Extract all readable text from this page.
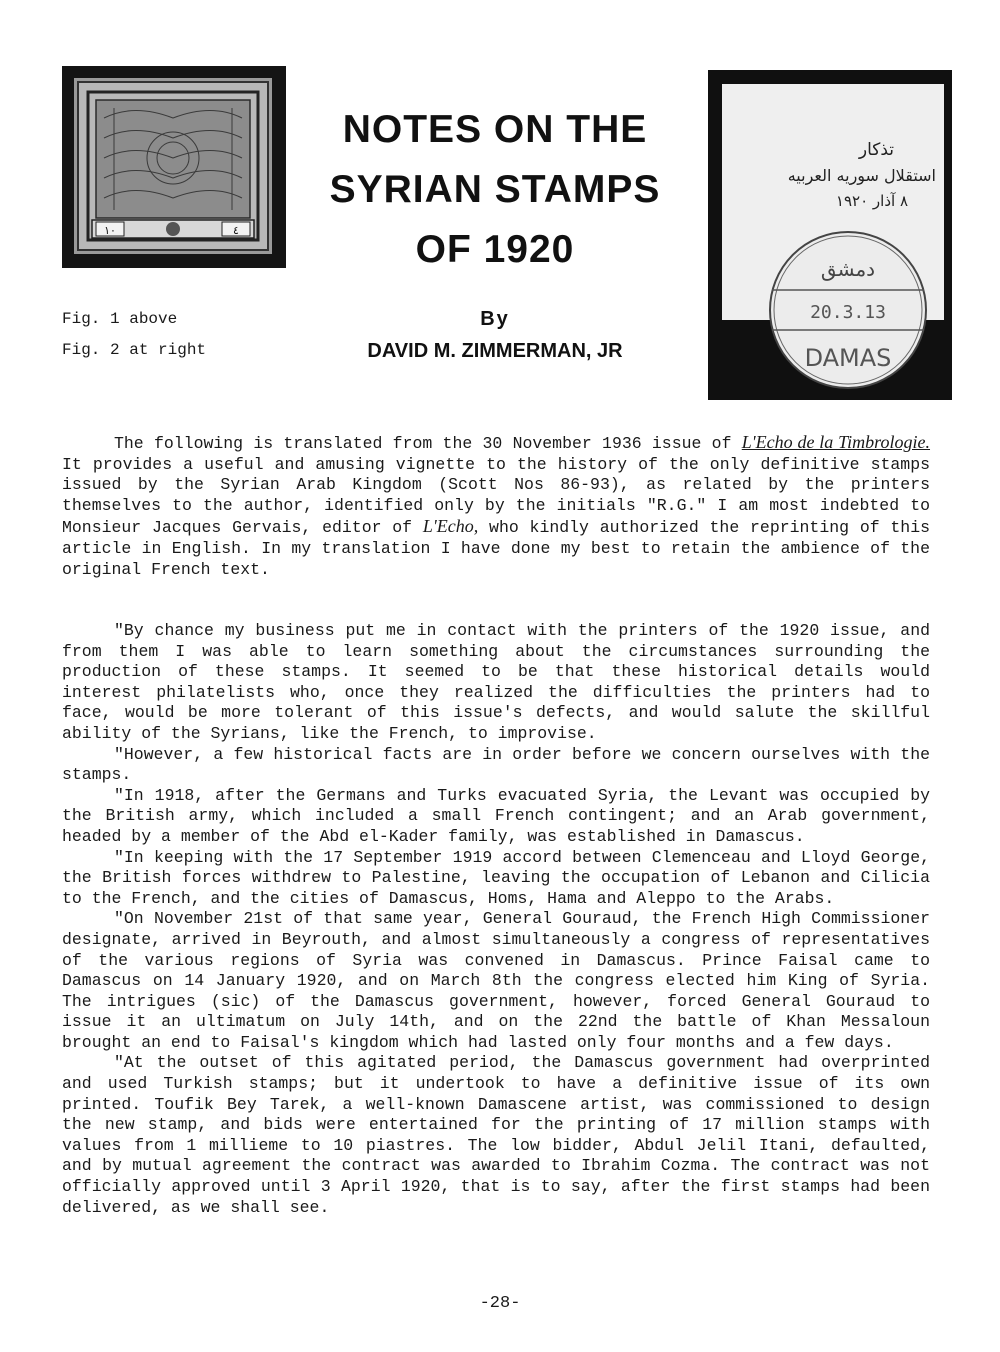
١٠	٤
NOTES ON THE
SYRIAN STAMPS
OF 1920
By
DAVID M. ZIMMERMAN, JR
تذكار
استقلال سوريه العربيه
٨ آذار ١٩٢٠
دمشق
20.3.13
DAMAS
Fig. 1 above
Fig. 2 at right

The following is translated from the 30 November 1936 issue of L'Echo de la Timbrologie. It provides a useful and amusing vignette to the history of the only definitive stamps issued by the Syrian Arab Kingdom (Scott Nos 86-93), as related by the printers themselves to the author, identified only by the initials "R.G." I am most indebted to Monsieur Jacques Gervais, editor of L'Echo, who kindly authorized the reprinting of this article in English. In my translation I have done my best to retain the ambience of the original French text.

"By chance my business put me in contact with the printers of the 1920 issue, and from them I was able to learn something about the circumstances surrounding the production of these stamps. It seemed to be that these historical details would interest philatelists who, once they realized the difficulties the printers had to face, would be more tolerant of this issue's defects, and would salute the skillful ability of the Syrians, like the French, to improvise.

"However, a few historical facts are in order before we concern ourselves with the stamps.

"In 1918, after the Germans and Turks evacuated Syria, the Levant was occupied by the British army, which included a small French contingent; and an Arab government, headed by a member of the Abd el-Kader family, was established in Damascus.

"In keeping with the 17 September 1919 accord between Clemenceau and Lloyd George, the British forces withdrew to Palestine, leaving the occupation of Lebanon and Cilicia to the French, and the cities of Damascus, Homs, Hama and Aleppo to the Arabs.

"On November 21st of that same year, General Gouraud, the French High Commissioner designate, arrived in Beyrouth, and almost simultaneously a congress of representatives of the various regions of Syria was convened in Damascus. Prince Faisal came to Damascus on 14 January 1920, and on March 8th the congress elected him King of Syria. The intrigues (sic) of the Damascus government, however, forced General Gouraud to issue it an ultimatum on July 14th, and on the 22nd the battle of Khan Messaloun brought an end to Faisal's kingdom which had lasted only four months and a few days.

"At the outset of this agitated period, the Damascus government had overprinted and used Turkish stamps; but it undertook to have a definitive issue of its own printed. Toufik Bey Tarek, a well-known Damascene artist, was commissioned to design the new stamp, and bids were entertained for the printing of 17 million stamps with values from 1 millieme to 10 piastres. The low bidder, Abdul Jelil Itani, defaulted, and by mutual agreement the contract was awarded to Ibrahim Cozma. The contract was not officially approved until 3 April 1920, that is to say, after the first stamps had been delivered, as we shall see.

-28-
